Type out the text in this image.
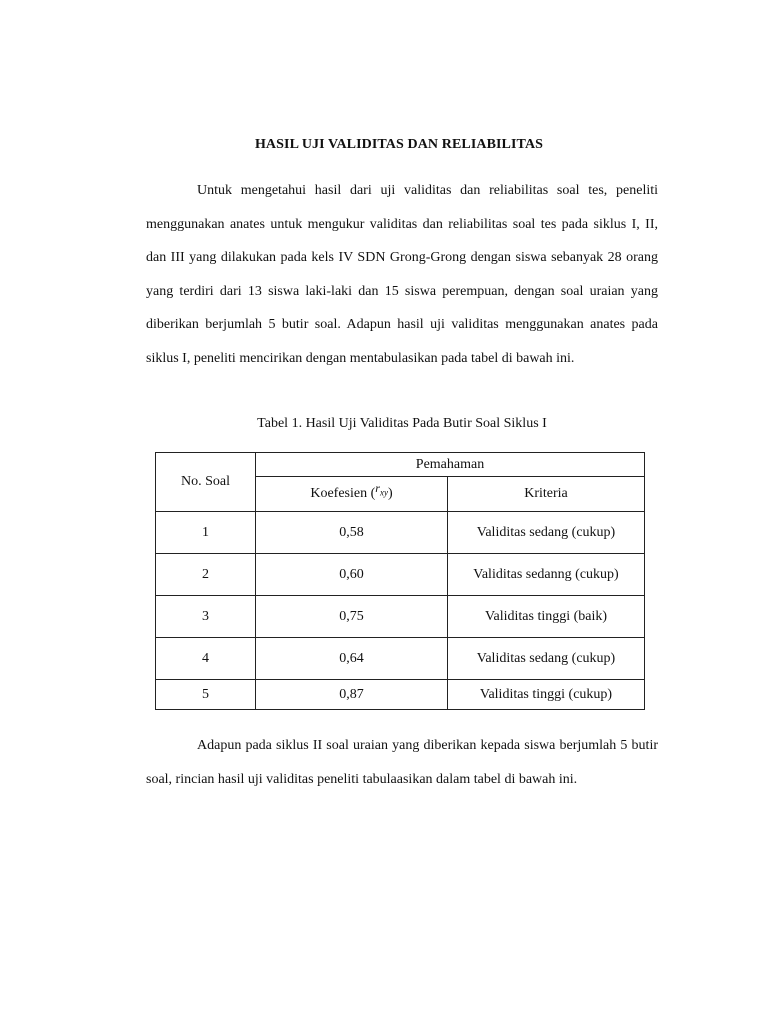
HASIL UJI VALIDITAS DAN RELIABILITAS

Untuk mengetahui hasil dari uji validitas dan reliabilitas soal tes, peneliti menggunakan anates untuk mengukur validitas dan reliabilitas soal tes pada siklus I, II, dan III yang dilakukan pada kels IV SDN Grong-Grong dengan siswa sebanyak 28 orang yang terdiri dari 13 siswa laki-laki dan 15 siswa perempuan, dengan soal uraian yang diberikan berjumlah 5 butir soal. Adapun hasil uji validitas menggunakan anates pada siklus I, peneliti mencirikan dengan mentabulasikan pada tabel di bawah ini.

Tabel 1. Hasil Uji Validitas Pada Butir Soal Siklus I
No. Soal	Pemahaman	
	Koefesien $(r_{xy})$	Kriteria
1	0,58	Validitas sedang (cukup)
2	0,60	Validitas sedanng (cukup)
3	0,75	Validitas tinggi (baik)
4	0,64	Validitas sedang (cukup)
5	0,87	Validitas tinggi (cukup)

Adapun pada siklus II soal uraian yang diberikan kepada siswa berjumlah 5 butir soal, rincian hasil uji validitas peneliti tabulaasikan dalam tabel di bawah ini.
